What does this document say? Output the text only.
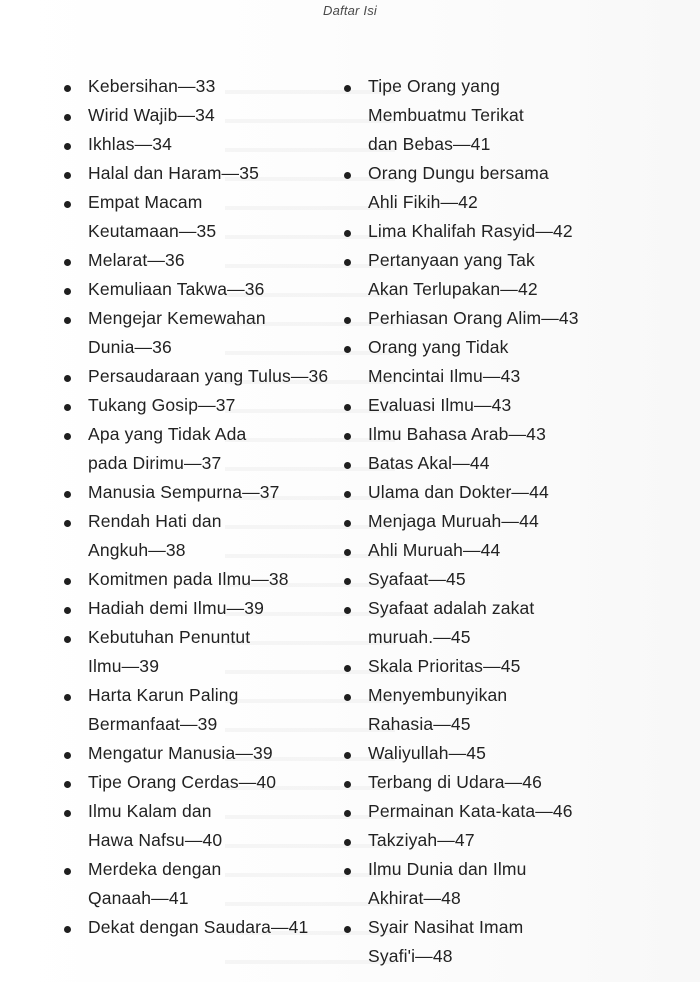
Daftar Isi
Kebersihan—33
Wirid Wajib—34
Ikhlas—34
Halal dan Haram—35
Empat Macam Keutamaan—35
Melarat—36
Kemuliaan Takwa—36
Mengejar Kemewahan Dunia—36
Persaudaraan yang Tulus—36
Tukang Gosip—37
Apa yang Tidak Ada pada Dirimu—37
Manusia Sempurna—37
Rendah Hati dan Angkuh—38
Komitmen pada Ilmu—38
Hadiah demi Ilmu—39
Kebutuhan Penuntut Ilmu—39
Harta Karun Paling Bermanfaat—39
Mengatur Manusia—39
Tipe Orang Cerdas—40
Ilmu Kalam dan Hawa Nafsu—40
Merdeka dengan Qanaah—41
Dekat dengan Saudara—41
Tipe Orang yang Membuatmu Terikat dan Bebas—41
Orang Dungu bersama Ahli Fikih—42
Lima Khalifah Rasyid—42
Pertanyaan yang Tak Akan Terlupakan—42
Perhiasan Orang Alim—43
Orang yang Tidak Mencintai Ilmu—43
Evaluasi Ilmu—43
Ilmu Bahasa Arab—43
Batas Akal—44
Ulama dan Dokter—44
Menjaga Muruah—44
Ahli Muruah—44
Syafaat—45
Syafaat adalah zakat muruah.—45
Skala Prioritas—45
Menyembunyikan Rahasia—45
Waliyullah—45
Terbang di Udara—46
Permainan Kata-kata—46
Takziyah—47
Ilmu Dunia dan Ilmu Akhirat—48
Syair Nasihat Imam Syafi'i—48
